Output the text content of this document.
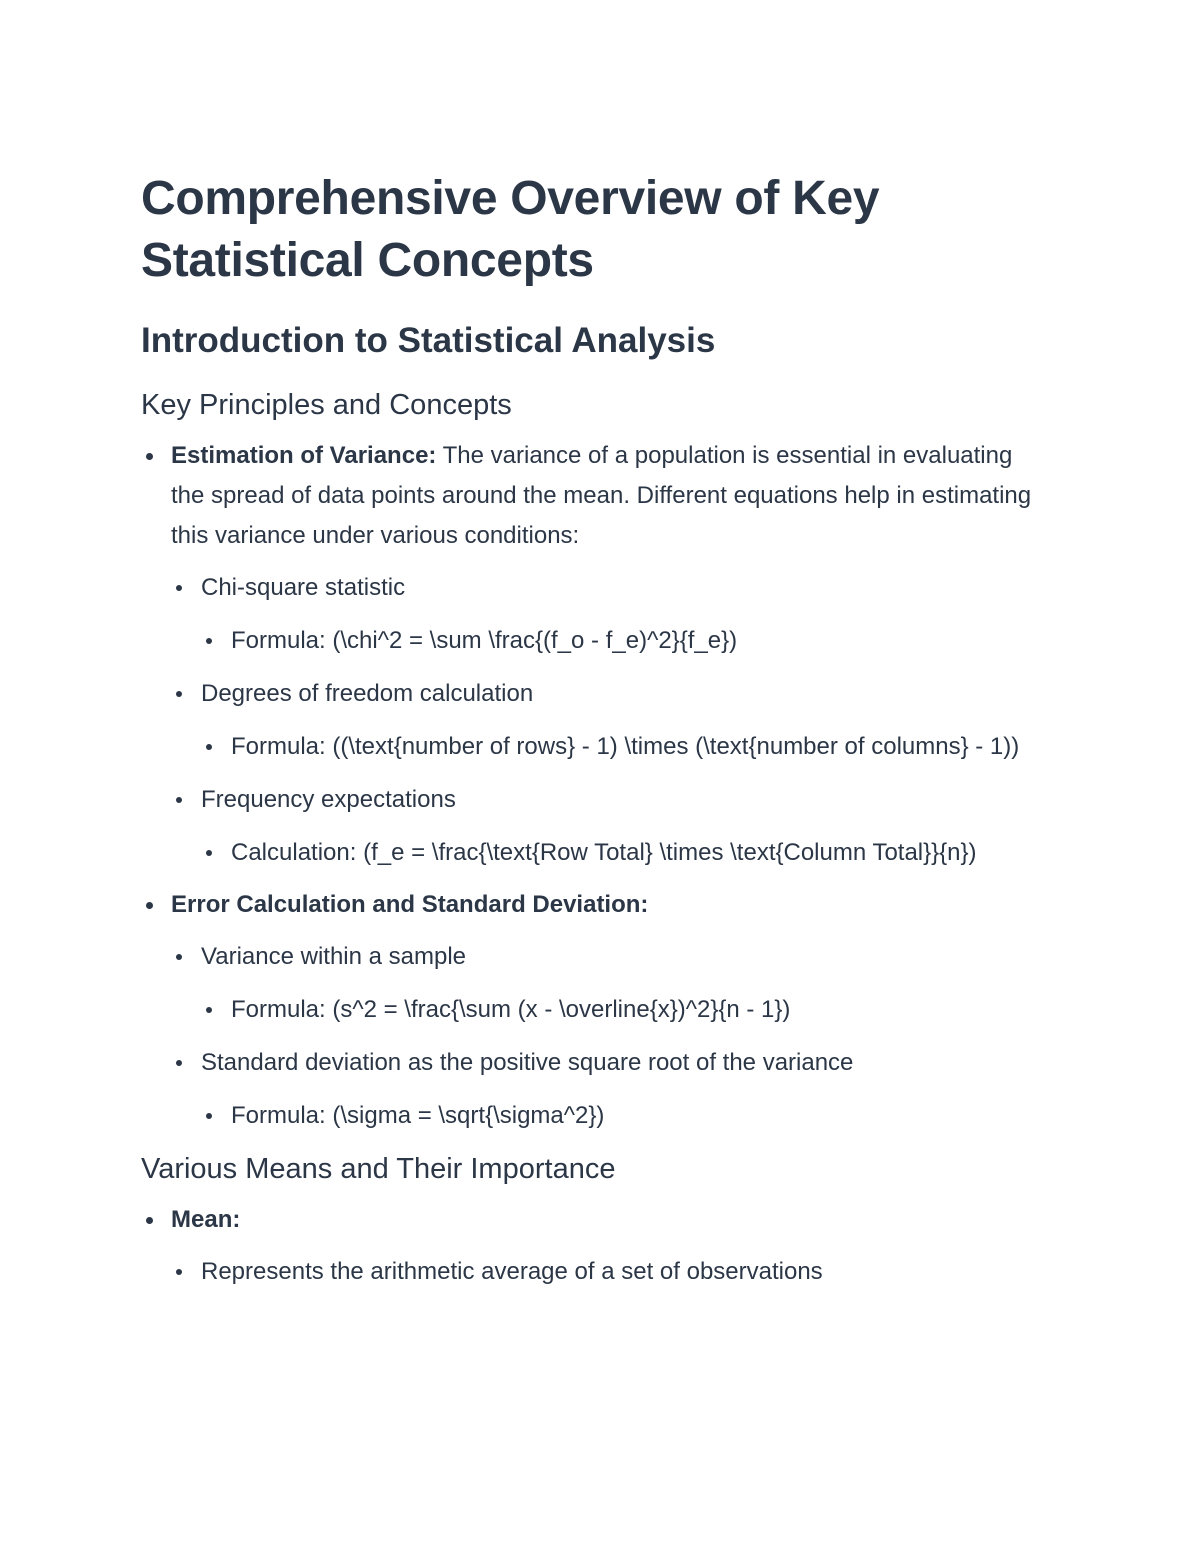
Comprehensive Overview of Key Statistical Concepts
Introduction to Statistical Analysis
Key Principles and Concepts
Estimation of Variance: The variance of a population is essential in evaluating the spread of data points around the mean. Different equations help in estimating this variance under various conditions:
Chi-square statistic
Formula: (\chi^2 = \sum \frac{(f_o - f_e)^2}{f_e})
Degrees of freedom calculation
Formula: ((\text{number of rows} - 1) \times (\text{number of columns} - 1))
Frequency expectations
Calculation: (f_e = \frac{\text{Row Total} \times \text{Column Total}}{n})
Error Calculation and Standard Deviation:
Variance within a sample
Formula: (s^2 = \frac{\sum (x - \overline{x})^2}{n - 1})
Standard deviation as the positive square root of the variance
Formula: (\sigma = \sqrt{\sigma^2})
Various Means and Their Importance
Mean:
Represents the arithmetic average of a set of observations
